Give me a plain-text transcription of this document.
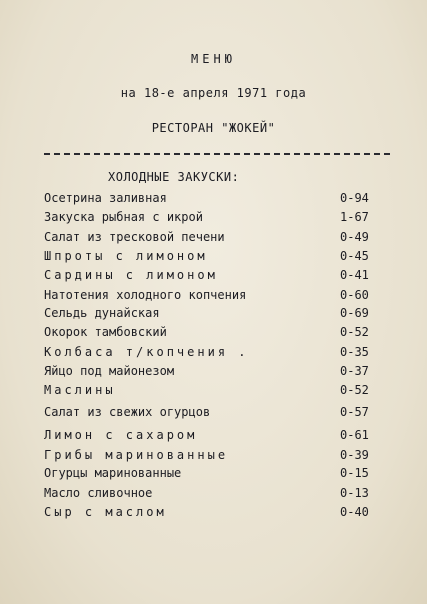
МЕНЮ
на 18-е апреля 1971 года
РЕСТОРАН "ЖОКЕЙ"
ХОЛОДНЫЕ ЗАКУСКИ:
Осетрина заливная	0-94
Закуска рыбная с икрой	1-67
Салат из тресковой печени	0-49
Шпроты с лимоном	0-45
Сардины с лимоном	0-41
Натотения холодного копчения	0-60
Сельдь дунайская	0-69
Окорок тамбовский	0-52
Колбаса т/копчения .	0-35
Яйцо под майонезом	0-37
Маслины	0-52
Салат из свежих огурцов	0-57
Лимон с сахаром	0-61
Грибы маринованные	0-39
Огурцы маринованные	0-15
Масло сливочное	0-13
Сыр с маслом	0-40
